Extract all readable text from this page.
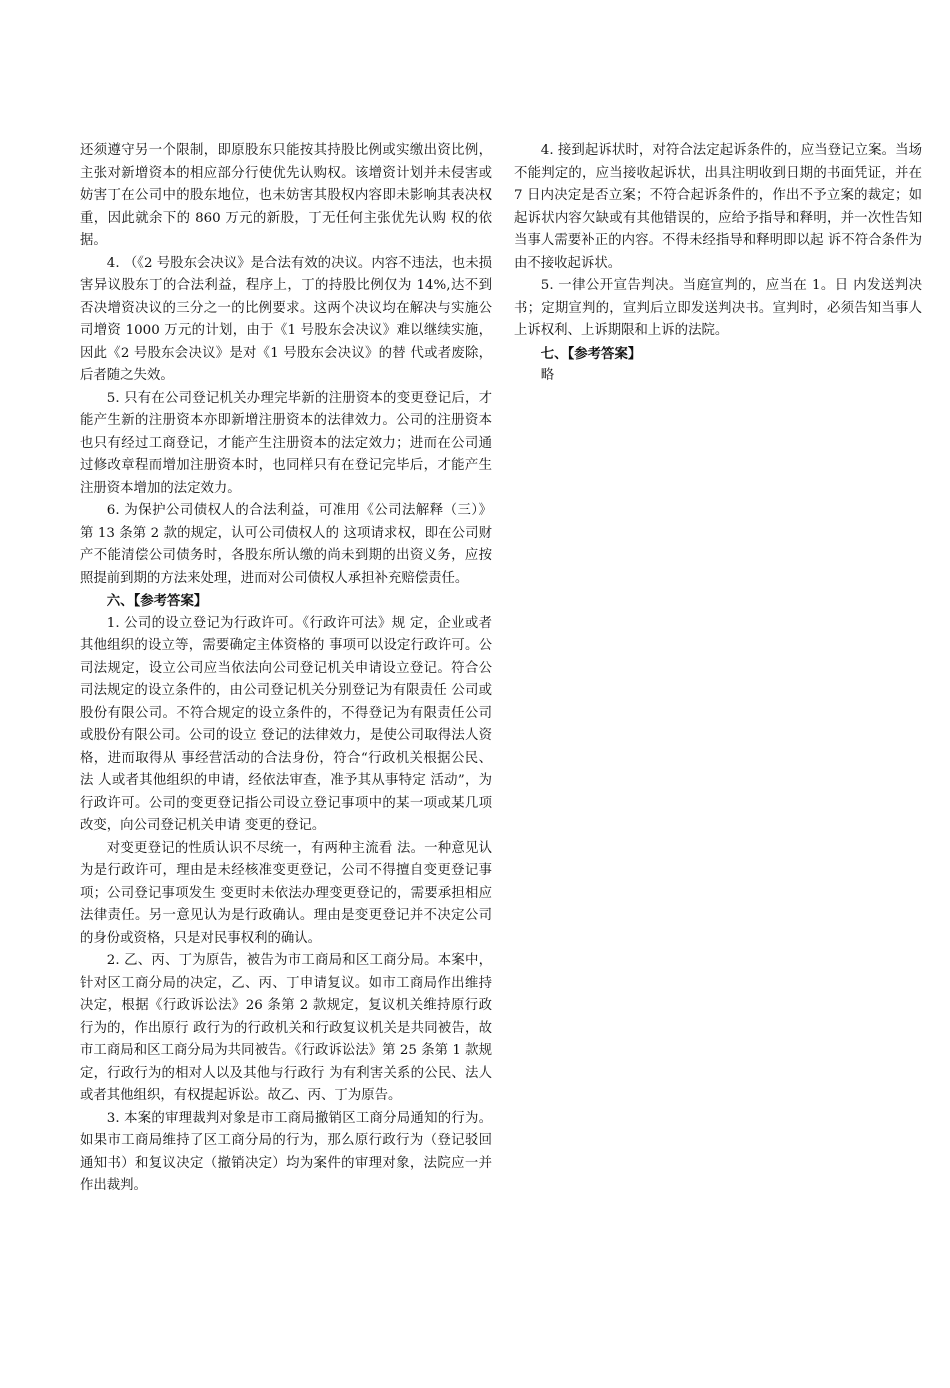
还须遵守另一个限制，即原股东只能按其持股比例或实缴出资比例，主张对新增资本的相应部分行使优先认购权。该增资计划并未侵害或妨害丁在公司中的股东地位，也未妨害其股权内容即未影响其表决权重，因此就余下的 860 万元的新股，丁无任何主张优先认购 权的依据。

4. （《2 号股东会决议》是合法有效的决议。内容不违法，也未损害异议股东丁的合法利益，程序上，丁的持股比例仅为 14%,达不到否决增资决议的三分之一的比例要求。这两个决议均在解决与实施公司增资 1000 万元的计划，由于《1 号股东会决议》难以继续实施，因此《2 号股东会决议》是对《1 号股东会决议》的替 代或者废除，后者随之失效。

5. 只有在公司登记机关办理完毕新的注册资本的变更登记后，才能产生新的注册资本亦即新增注册资本的法律效力。公司的注册资本也只有经过工商登记，才能产生注册资本的法定效力；进而在公司通过修改章程而增加注册资本时，也同样只有在登记完毕后，才能产生注册资本增加的法定效力。

6. 为保护公司债权人的合法利益，可准用《公司法解释（三）》第 13 条第 2 款的规定，认可公司债权人的 这项请求权，即在公司财产不能清偿公司债务时，各股东所认缴的尚未到期的出资义务，应按照提前到期的方法来处理，进而对公司债权人承担补充赔偿责任。

六、【参考答案】

1. 公司的设立登记为行政许可。《行政许可法》规 定，企业或者其他组织的设立等，需要确定主体资格的 事项可以设定行政许可。公司法规定，设立公司应当依法向公司登记机关申请设立登记。符合公司法规定的设立条件的，由公司登记机关分别登记为有限责任 公司或股份有限公司。不符合规定的设立条件的，不得登记为有限责任公司或股份有限公司。公司的设立 登记的法律效力，是使公司取得法人资格，进而取得从 事经营活动的合法身份，符合“行政机关根据公民、法 人或者其他组织的申请，经依法审查，准予其从事特定 活动”，为行政许可。公司的变更登记指公司设立登记事项中的某一项或某几项改变，向公司登记机关申请 变更的登记。

对变更登记的性质认识不尽统一，有两种主流看 法。一种意见认为是行政许可，理由是未经核准变更登记，公司不得擅自变更登记事项；公司登记事项发生 变更时未依法办理变更登记的，需要承担相应法律责任。另一意见认为是行政确认。理由是变更登记并不决定公司的身份或资格，只是对民事权利的确认。

2. 乙、丙、丁为原告，被告为市工商局和区工商分局。本案中，针对区工商分局的决定，乙、丙、丁申请复议。如市工商局作出维持决定，根据《行政诉讼法》26 条第 2 款规定，复议机关维持原行政行为的，作出原行 政行为的行政机关和行政复议机关是共同被告，故市工商局和区工商分局为共同被告。《行政诉讼法》第 25 条第 1 款规定，行政行为的相对人以及其他与行政行 为有利害关系的公民、法人或者其他组织，有权提起诉讼。故乙、丙、丁为原告。

3. 本案的审理裁判对象是市工商局撤销区工商分局通知的行为。如果市工商局维持了区工商分局的行为，那么原行政行为（登记驳回通知书）和复议决定（撤销决定）均为案件的审理对象，法院应一并作出裁判。

4. 接到起诉状时，对符合法定起诉条件的，应当登记立案。当场不能判定的，应当接收起诉状，出具注明收到日期的书面凭证，并在 7 日内决定是否立案；不符合起诉条件的，作出不予立案的裁定；如起诉状内容欠缺或有其他错误的，应给予指导和释明，并一次性告知当事人需要补正的内容。不得未经指导和释明即以起 诉不符合条件为由不接收起诉状。

5. 一律公开宣告判决。当庭宣判的，应当在 1。日 内发送判决书；定期宣判的，宣判后立即发送判决书。宣判时，必须告知当事人上诉权利、上诉期限和上诉的法院。

七、【参考答案】

略
